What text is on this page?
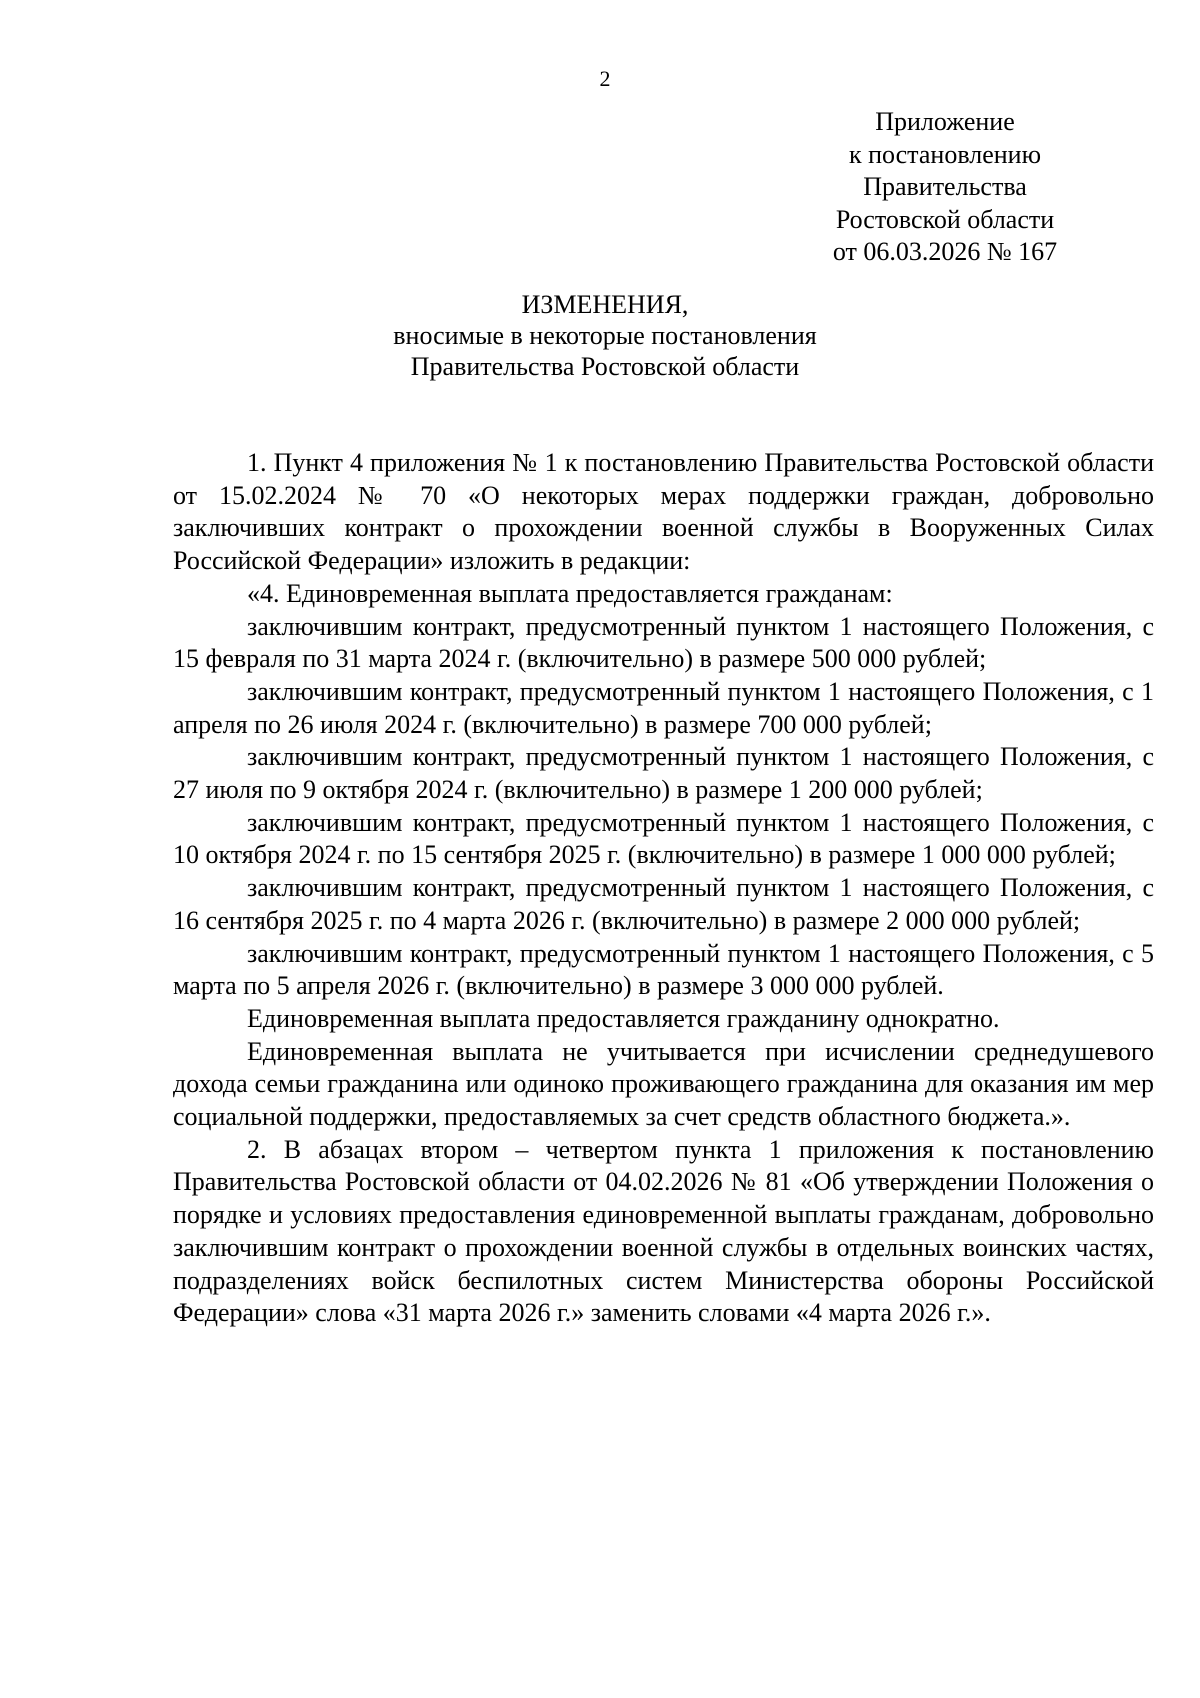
2
Приложение
к постановлению
Правительства
Ростовской области
от 06.03.2026 № 167
ИЗМЕНЕНИЯ,
вносимые в некоторые постановления
Правительства Ростовской области
1. Пункт 4 приложения № 1 к постановлению Правительства Ростовской области от 15.02.2024 № 70 «О некоторых мерах поддержки граждан, добровольно заключивших контракт о прохождении военной службы в Вооруженных Силах Российской Федерации» изложить в редакции:
«4. Единовременная выплата предоставляется гражданам:
заключившим контракт, предусмотренный пунктом 1 настоящего Положения, с 15 февраля по 31 марта 2024 г. (включительно) в размере 500 000 рублей;
заключившим контракт, предусмотренный пунктом 1 настоящего Положения, с 1 апреля по 26 июля 2024 г. (включительно) в размере 700 000 рублей;
заключившим контракт, предусмотренный пунктом 1 настоящего Положения, с 27 июля по 9 октября 2024 г. (включительно) в размере 1 200 000 рублей;
заключившим контракт, предусмотренный пунктом 1 настоящего Положения, с 10 октября 2024 г. по 15 сентября 2025 г. (включительно) в размере 1 000 000 рублей;
заключившим контракт, предусмотренный пунктом 1 настоящего Положения, с 16 сентября 2025 г. по 4 марта 2026 г. (включительно) в размере 2 000 000 рублей;
заключившим контракт, предусмотренный пунктом 1 настоящего Положения, с 5 марта по 5 апреля 2026 г. (включительно) в размере 3 000 000 рублей.
Единовременная выплата предоставляется гражданину однократно.
Единовременная выплата не учитывается при исчислении среднедушевого дохода семьи гражданина или одиноко проживающего гражданина для оказания им мер социальной поддержки, предоставляемых за счет средств областного бюджета.».
2. В абзацах втором – четвертом пункта 1 приложения к постановлению Правительства Ростовской области от 04.02.2026 № 81 «Об утверждении Положения о порядке и условиях предоставления единовременной выплаты гражданам, добровольно заключившим контракт о прохождении военной службы в отдельных воинских частях, подразделениях войск беспилотных систем Министерства обороны Российской Федерации» слова «31 марта 2026 г.» заменить словами «4 марта 2026 г.».
